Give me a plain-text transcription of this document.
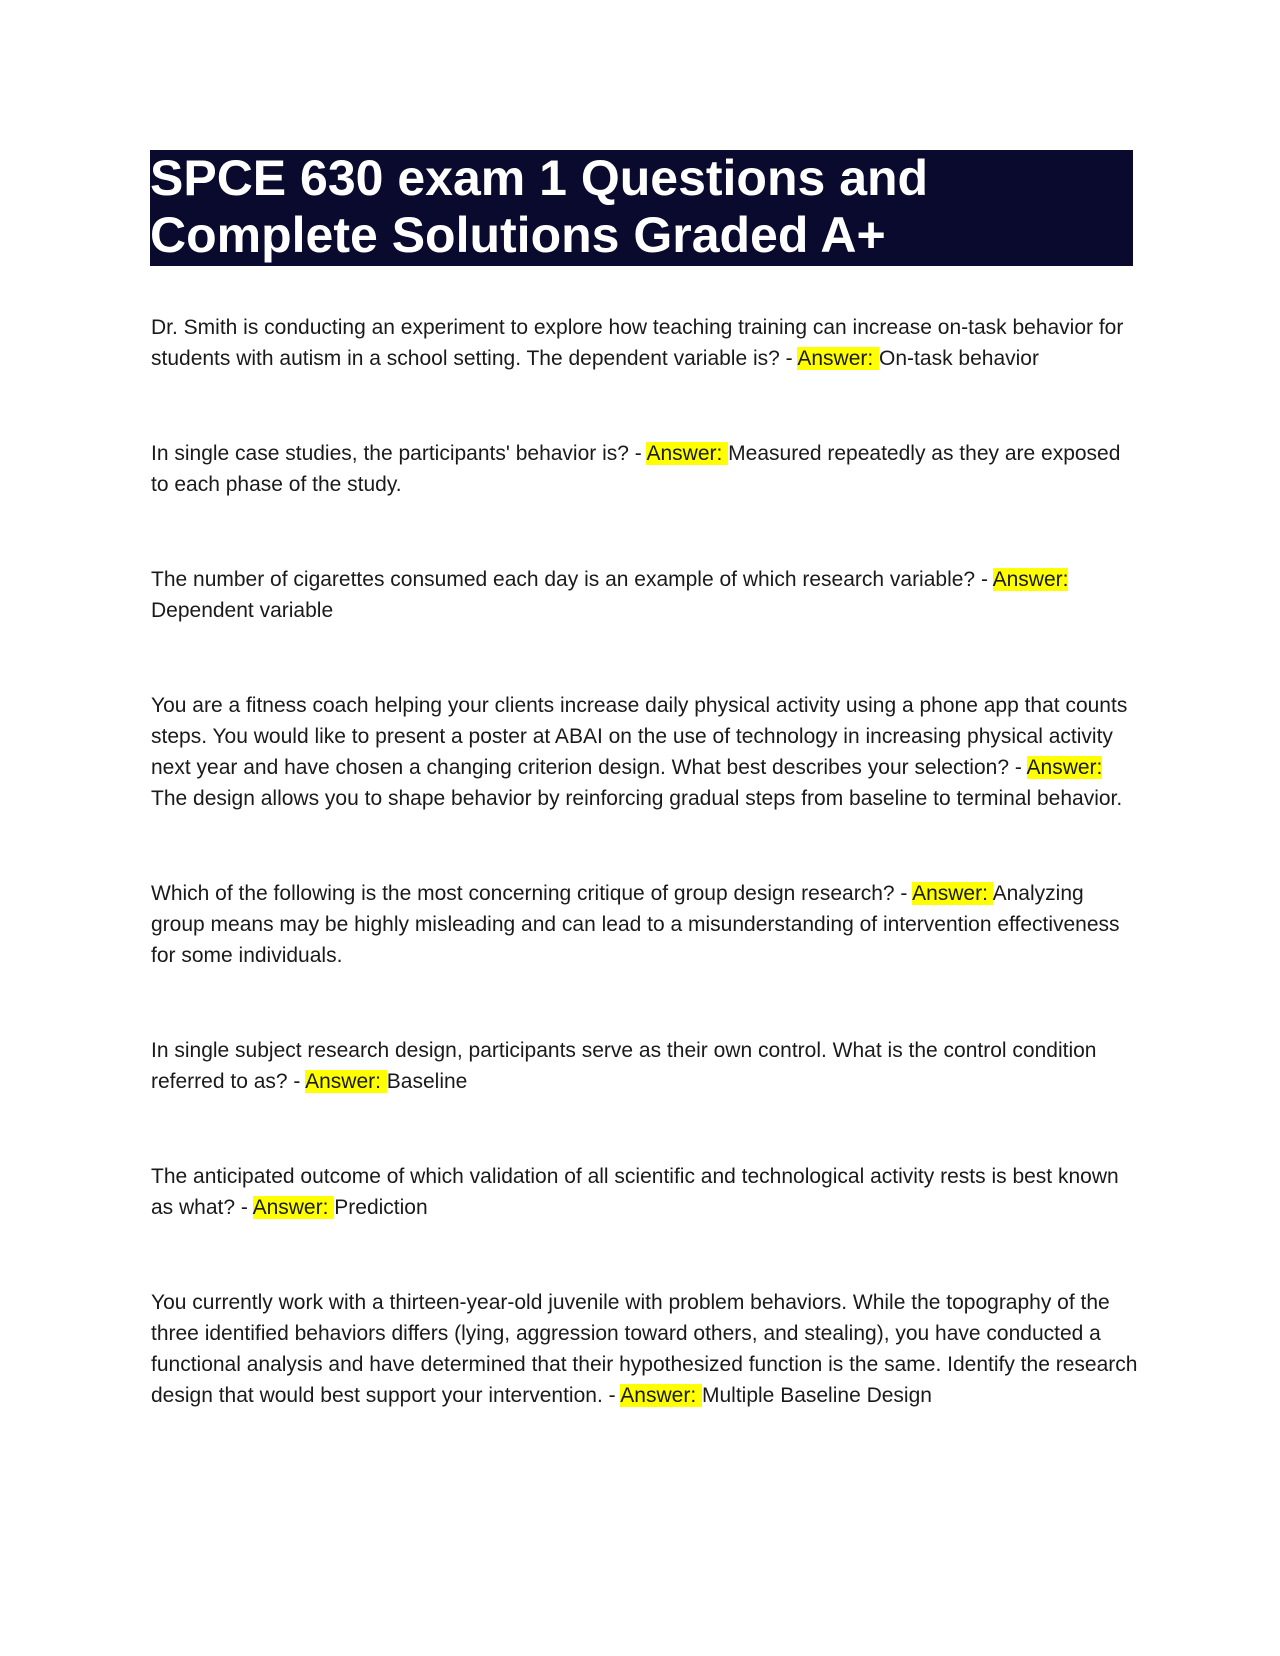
SPCE 630 exam 1 Questions and
Complete Solutions Graded A+

Dr. Smith is conducting an experiment to explore how teaching training can increase on-task behavior for students with autism in a school setting. The dependent variable is? - Answer: On-task behavior

In single case studies, the participants' behavior is? - Answer: Measured repeatedly as they are exposed to each phase of the study.

The number of cigarettes consumed each day is an example of which research variable? - Answer: Dependent variable

You are a fitness coach helping your clients increase daily physical activity using a phone app that counts steps. You would like to present a poster at ABAI on the use of technology in increasing physical activity next year and have chosen a changing criterion design. What best describes your selection? - Answer: The design allows you to shape behavior by reinforcing gradual steps from baseline to terminal behavior.

Which of the following is the most concerning critique of group design research? - Answer: Analyzing group means may be highly misleading and can lead to a misunderstanding of intervention effectiveness for some individuals.

In single subject research design, participants serve as their own control. What is the control condition referred to as? - Answer: Baseline

The anticipated outcome of which validation of all scientific and technological activity rests is best known as what? - Answer: Prediction

You currently work with a thirteen-year-old juvenile with problem behaviors. While the topography of the three identified behaviors differs (lying, aggression toward others, and stealing), you have conducted a functional analysis and have determined that their hypothesized function is the same. Identify the research design that would best support your intervention. - Answer: Multiple Baseline Design
